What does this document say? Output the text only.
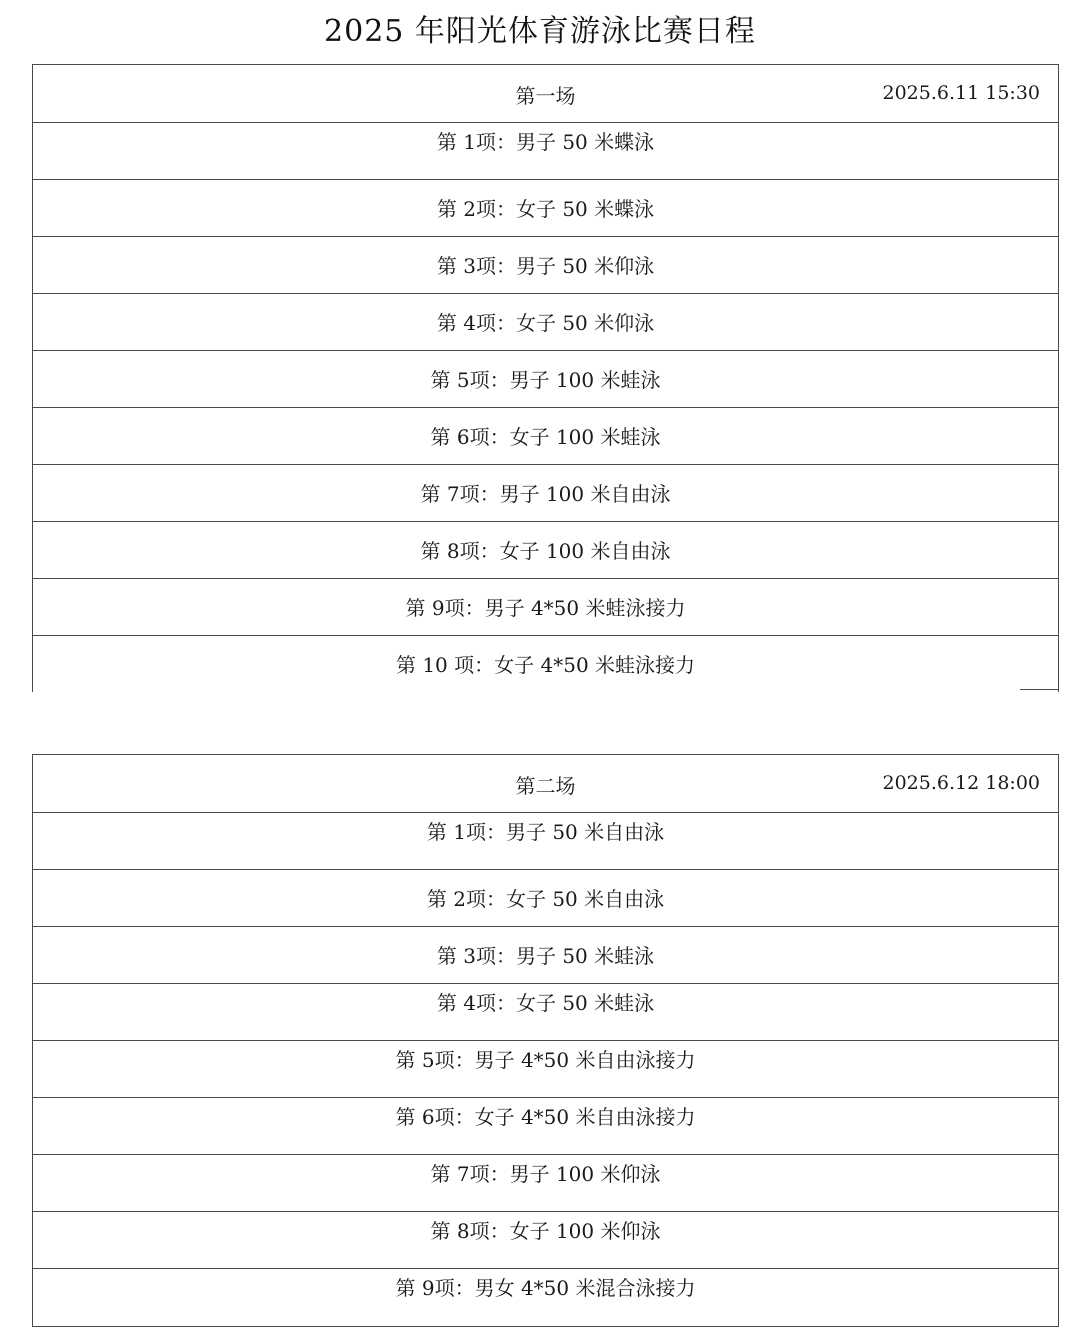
2025 年阳光体育游泳比赛日程
第一场	2025.6.11 15:30
第 1项：男子 50 米蝶泳
第 2项：女子 50 米蝶泳
第 3项：男子 50 米仰泳
第 4项：女子 50 米仰泳
第 5项：男子 100 米蛙泳
第 6项：女子 100 米蛙泳
第 7项：男子 100 米自由泳
第 8项：女子 100 米自由泳
第 9项：男子 4*50 米蛙泳接力
第 10 项：女子 4*50 米蛙泳接力
第二场	2025.6.12 18:00
第 1项：男子 50 米自由泳
第 2项：女子 50 米自由泳
第 3项：男子 50 米蛙泳
第 4项：女子 50 米蛙泳
第 5项：男子 4*50 米自由泳接力
第 6项：女子 4*50 米自由泳接力
第 7项：男子 100 米仰泳
第 8项：女子 100 米仰泳
第 9项：男女 4*50 米混合泳接力
